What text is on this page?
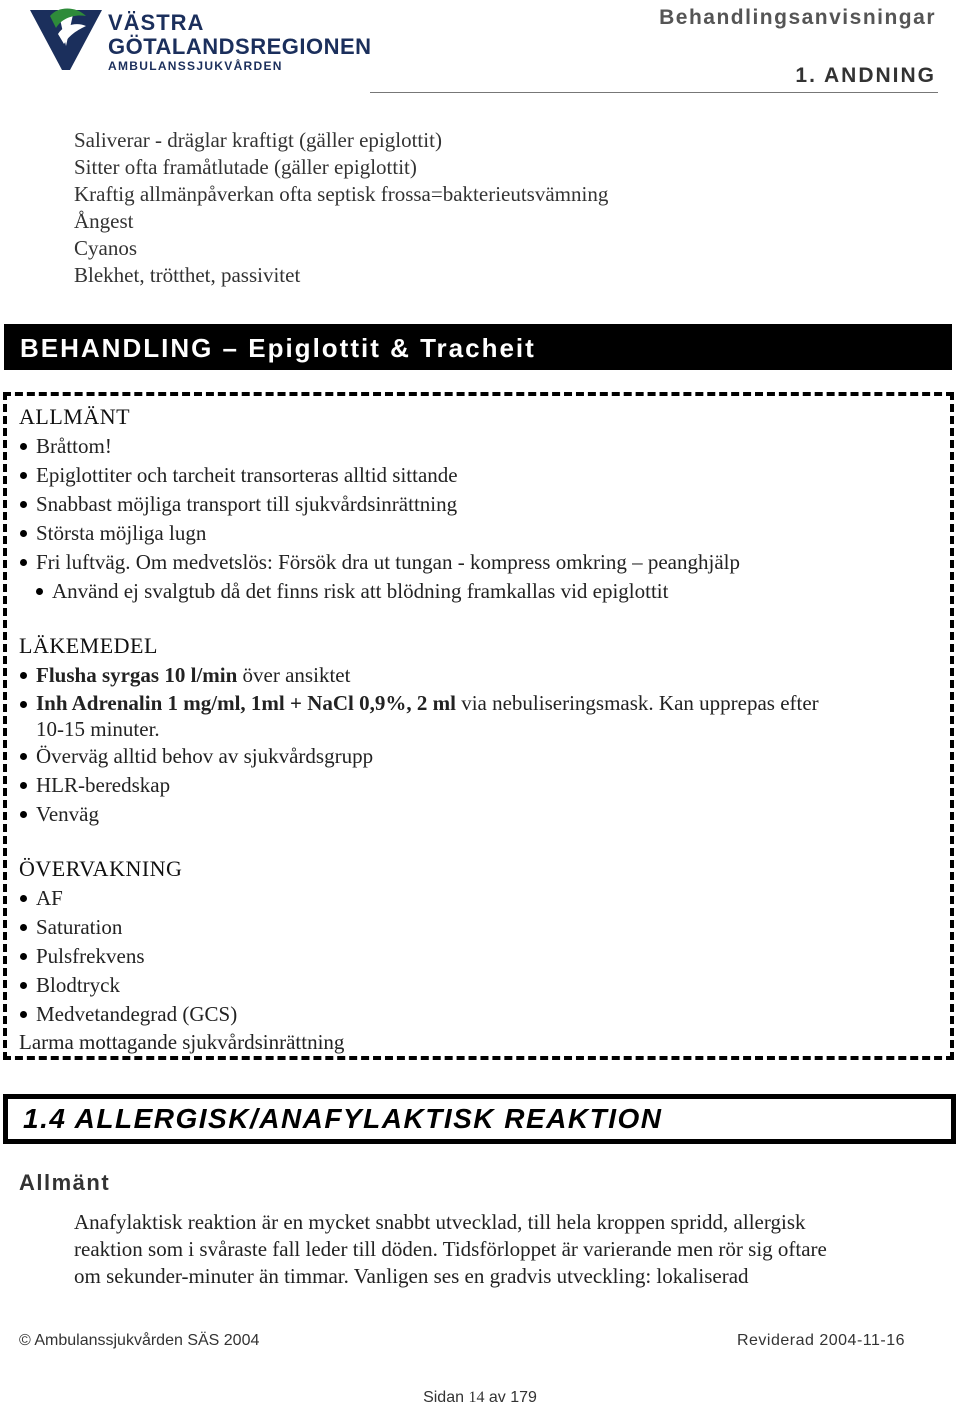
VÄSTRA
GÖTALANDSREGIONEN
AMBULANSSJUKVÅRDEN
Behandlingsanvisningar
1. ANDNING
Saliverar - dräglar kraftigt (gäller epiglottit)
Sitter ofta framåtlutade (gäller epiglottit)
Kraftig allmänpåverkan ofta septisk frossa=bakterieutsvämning
Ångest
Cyanos
Blekhet, trötthet, passivitet
BEHANDLING – Epiglottit & Tracheit
ALLMÄNT
Bråttom!
Epiglottiter och tarcheit transorteras alltid sittande
Snabbast möjliga transport till sjukvårdsinrättning
Största möjliga lugn
Fri luftväg. Om medvetslös: Försök dra ut tungan - kompress omkring – peanghjälp
Använd ej svalgtub då det finns risk att blödning framkallas vid epiglottit
LÄKEMEDEL
Flusha syrgas 10 l/min över ansiktet
Inh Adrenalin 1 mg/ml, 1ml + NaCl 0,9%, 2 ml via nebuliseringsmask. Kan upprepas efter
10-15 minuter.
Överväg alltid behov av sjukvårdsgrupp
HLR-beredskap
Venväg
ÖVERVAKNING
AF
Saturation
Pulsfrekvens
Blodtryck
Medvetandegrad (GCS)
Larma mottagande sjukvårdsinrättning
1.4 ALLERGISK/ANAFYLAKTISK REAKTION
Allmänt
Anafylaktisk reaktion är en mycket snabbt utvecklad, till hela kroppen spridd, allergisk
reaktion som i svåraste fall leder till döden. Tidsförloppet är varierande men rör sig oftare
om sekunder-minuter än timmar. Vanligen ses en gradvis utveckling: lokaliserad
© Ambulanssjukvården SÄS 2004	Reviderad 2004-11-16
Sidan 14 av 179
